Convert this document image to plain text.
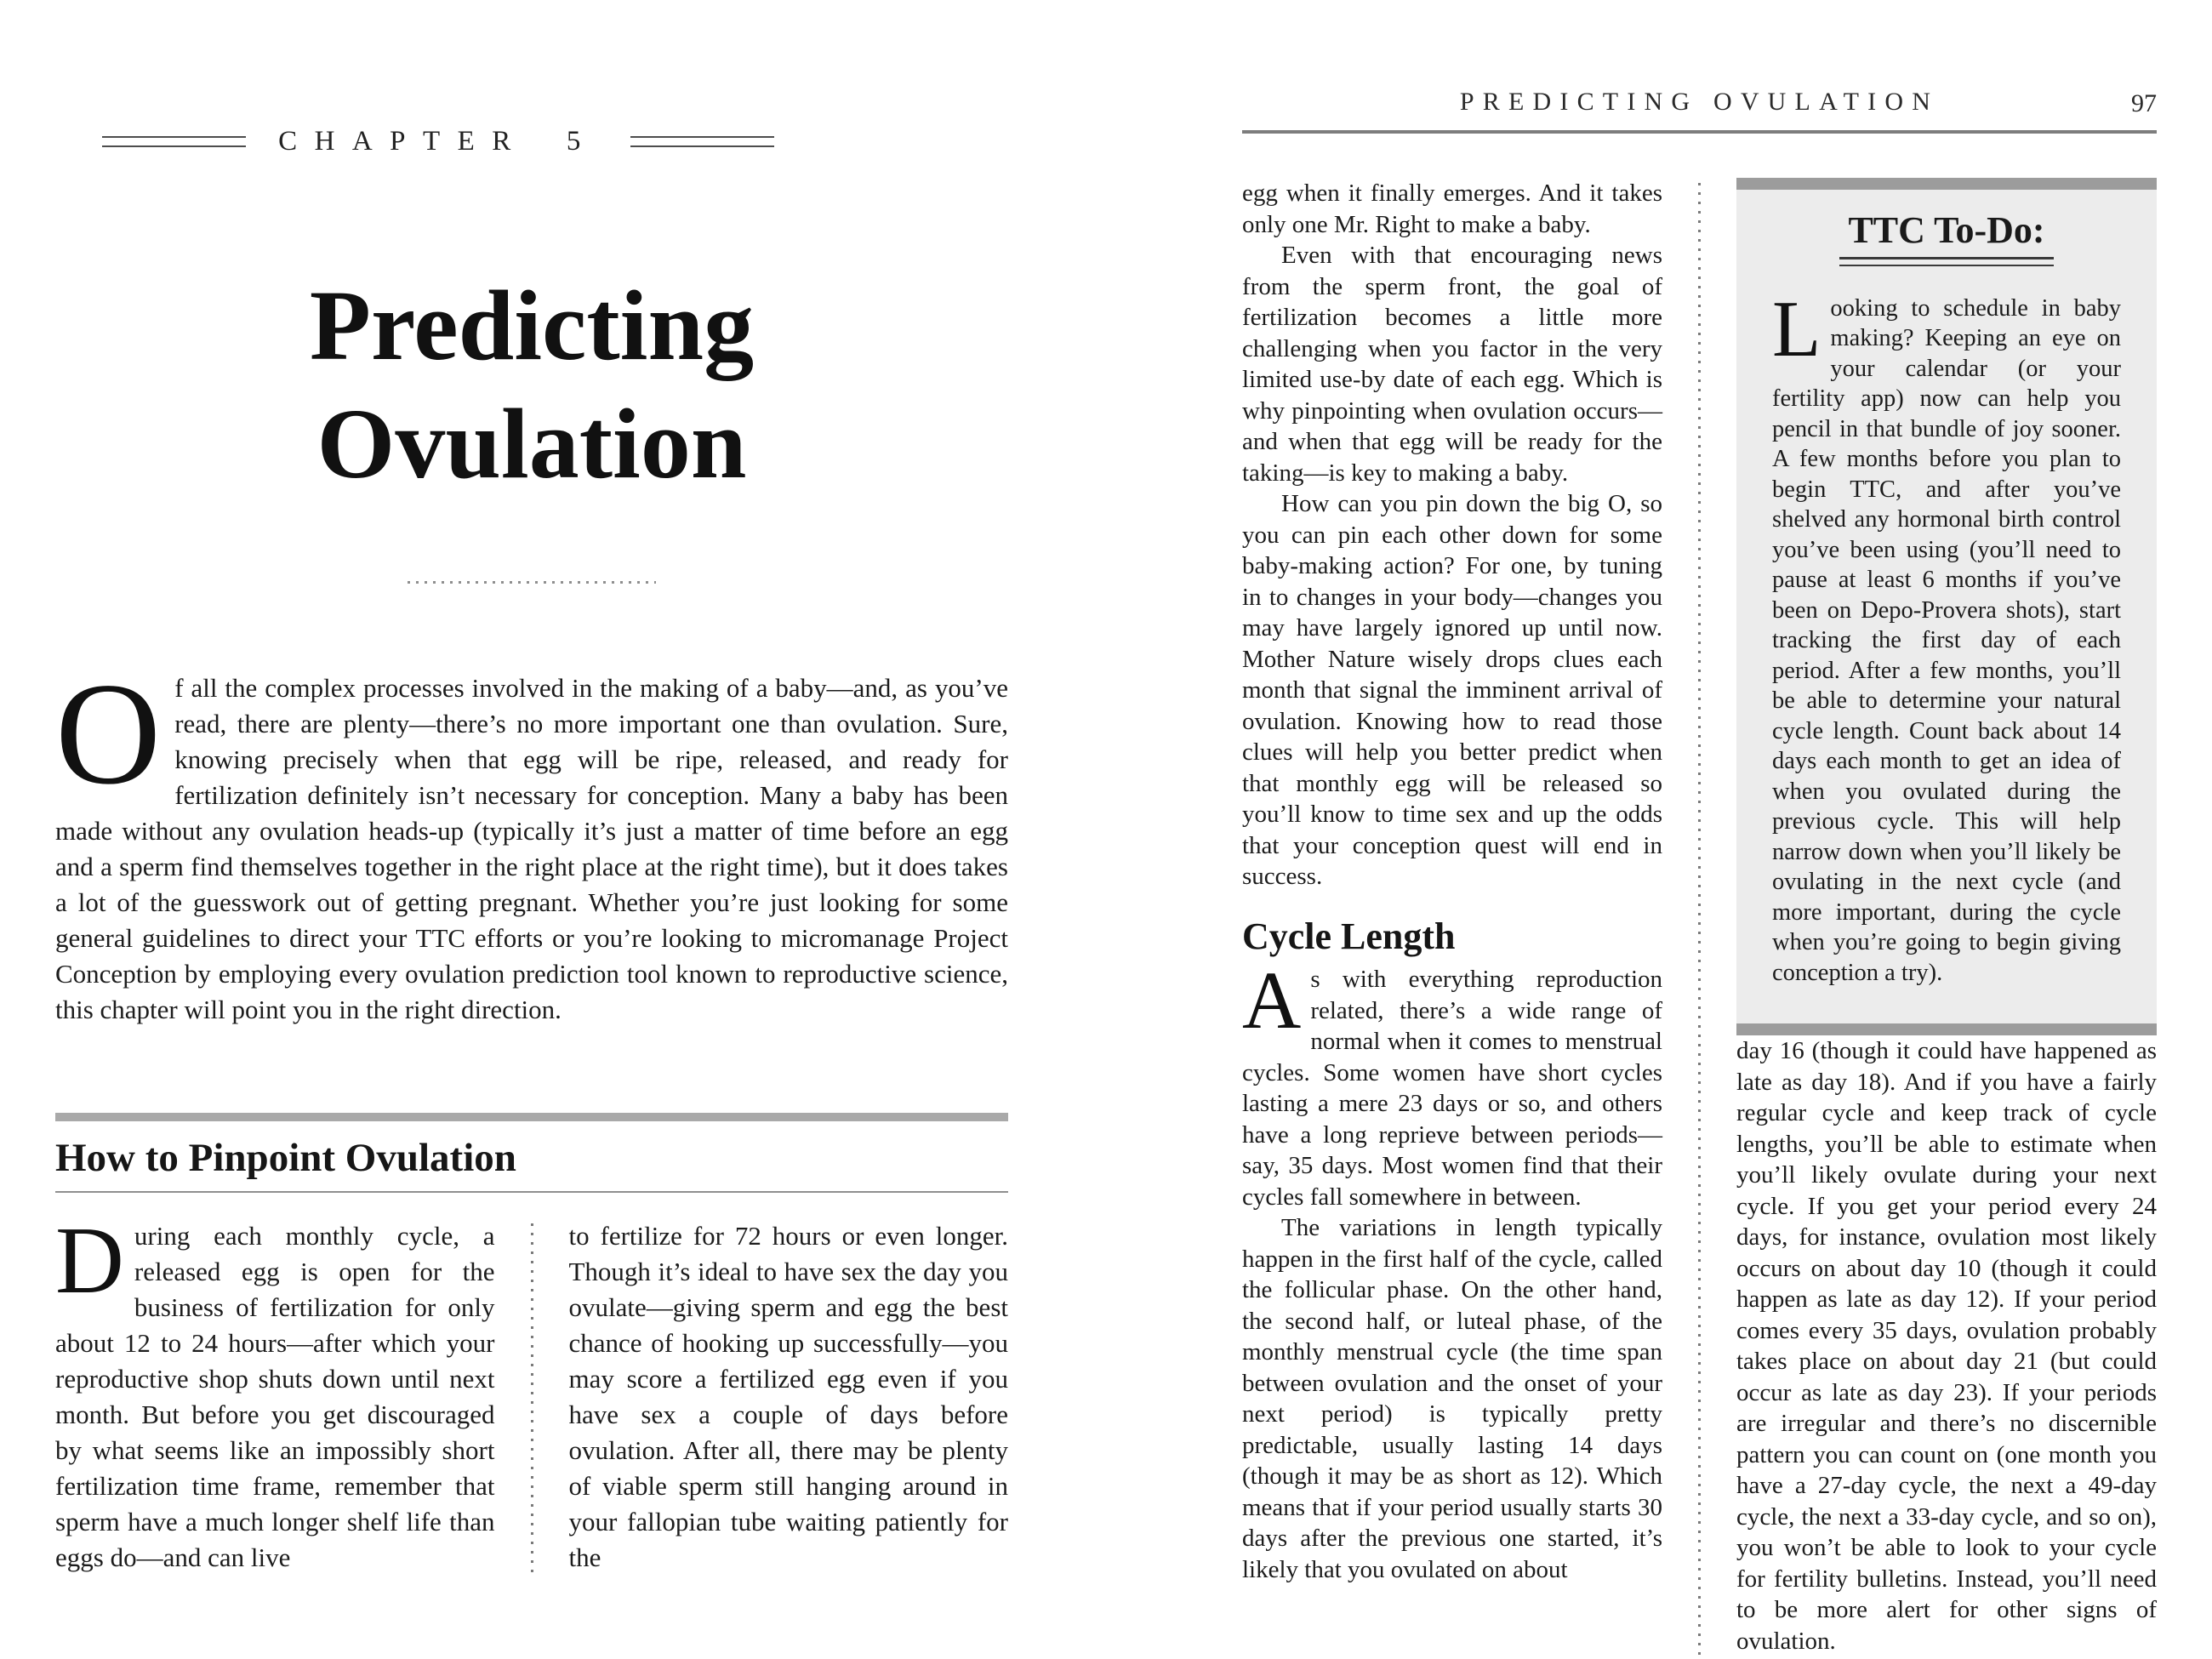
CHAPTER 5
Predicting
Ovulation
Of all the complex processes involved in the making of a baby—and, as you’ve read, there are plenty—there’s no more important one than ovulation. Sure, knowing precisely when that egg will be ripe, released, and ready for fertilization definitely isn’t necessary for conception. Many a baby has been made without any ovulation heads-up (typically it’s just a matter of time before an egg and a sperm find themselves together in the right place at the right time), but it does takes a lot of the guesswork out of getting pregnant. Whether you’re just looking for some general guidelines to direct your TTC efforts or you’re looking to micromanage Project Conception by employing every ovulation prediction tool known to reproductive science, this chapter will point you in the right direction.
How to Pinpoint Ovulation
During each monthly cycle, a released egg is open for the business of fertilization for only about 12 to 24 hours—after which your reproductive shop shuts down until next month. But before you get discouraged by what seems like an impossibly short fertilization time frame, remember that sperm have a much longer shelf life than eggs do—and can live
to fertilize for 72 hours or even longer. Though it’s ideal to have sex the day you ovulate—giving sperm and egg the best chance of hooking up successfully—you may score a fertilized egg even if you have sex a couple of days before ovulation. After all, there may be plenty of viable sperm still hanging around in your fallopian tube waiting patiently for the
PREDICTING OVULATION	97

egg when it finally emerges. And it takes only one Mr. Right to make a baby.

Even with that encouraging news from the sperm front, the goal of fertilization becomes a little more challenging when you factor in the very limited use-by date of each egg. Which is why pinpointing when ovulation occurs—and when that egg will be ready for the taking—is key to making a baby.

How can you pin down the big O, so you can pin each other down for some baby-making action? For one, by tuning in to changes in your body—changes you may have largely ignored up until now. Mother Nature wisely drops clues each month that signal the imminent arrival of ovulation. Knowing how to read those clues will help you better predict when that monthly egg will be released so you’ll know to time sex and up the odds that your conception quest will end in success.

Cycle Length

As with everything reproduction related, there’s a wide range of normal when it comes to menstrual cycles. Some women have short cycles lasting a mere 23 days or so, and others have a long reprieve between periods—say, 35 days. Most women find that their cycles fall somewhere in between.

The variations in length typically happen in the first half of the cycle, called the follicular phase. On the other hand, the second half, or luteal phase, of the monthly menstrual cycle (the time span between ovulation and the onset of your next period) is typically pretty predictable, usually lasting 14 days (though it may be as short as 12). Which means that if your period usually starts 30 days after the previous one started, it’s likely that you ovulated on about

TTC To-Do:
Looking to schedule in baby making? Keeping an eye on your calendar (or your fertility app) now can help you pencil in that bundle of joy sooner. A few months before you plan to begin TTC, and after you’ve shelved any hormonal birth control you’ve been using (you’ll need to pause at least 6 months if you’ve been on Depo-Provera shots), start tracking the first day of each period. After a few months, you’ll be able to determine your natural cycle length. Count back about 14 days each month to get an idea of when you ovulated during the previous cycle. This will help narrow down when you’ll likely be ovulating in the next cycle (and more important, during the cycle when you’re going to begin giving conception a try).

day 16 (though it could have happened as late as day 18). And if you have a fairly regular cycle and keep track of cycle lengths, you’ll be able to estimate when you’ll likely ovulate during your next cycle. If you get your period every 24 days, for instance, ovulation most likely occurs on about day 10 (though it could happen as late as day 12). If your period comes every 35 days, ovulation probably takes place on about day 21 (but could occur as late as day 23). If your periods are irregular and there’s no discernible pattern you can count on (one month you have a 27-day cycle, the next a 49-day cycle, the next a 33-day cycle, and so on), you won’t be able to look to your cycle for fertility bulletins. Instead, you’ll need to be more alert for other signs of ovulation.
